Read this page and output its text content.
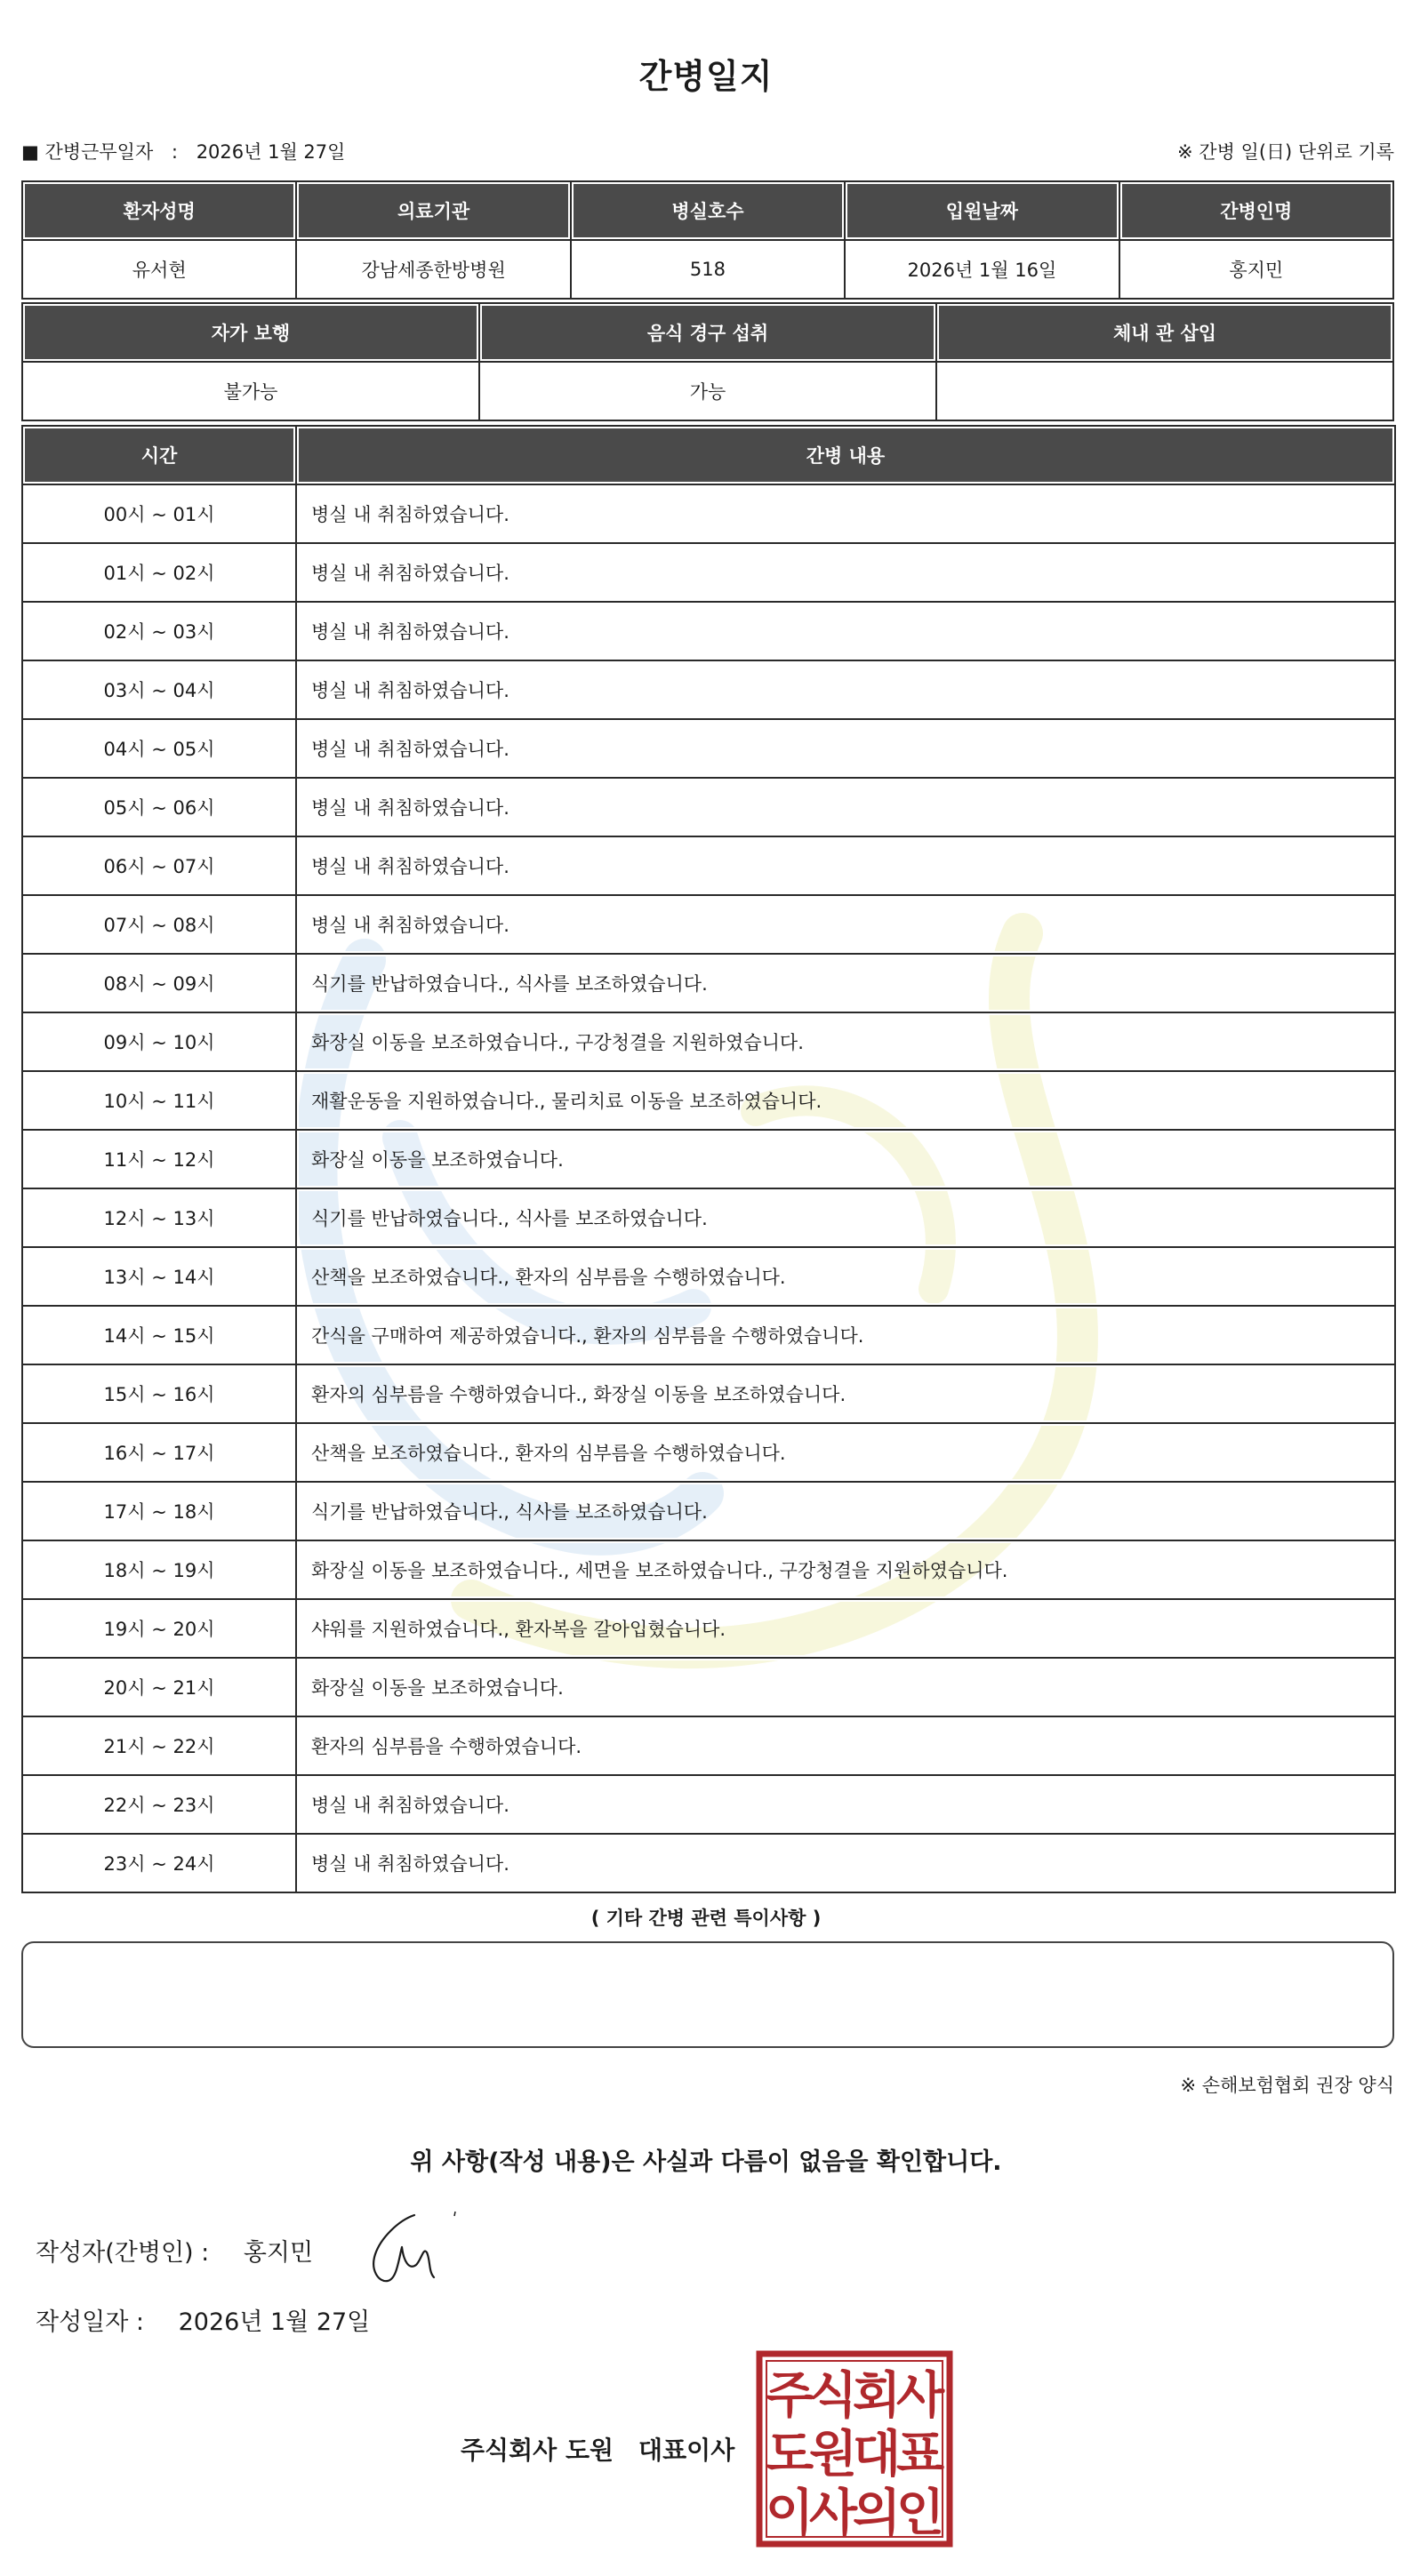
간병일지
■ 간병근무일자 : 2026년 1월 27일	※ 간병 일(日) 단위로 기록
환자성명	의료기관	병실호수	입원날짜	간병인명
유서현	강남세종한방병원	518	2026년 1월 16일	홍지민
자가 보행	음식 경구 섭취	체내 관 삽입
불가능	가능	
시간	간병 내용
00시 ~ 01시	병실 내 취침하였습니다.
01시 ~ 02시	병실 내 취침하였습니다.
02시 ~ 03시	병실 내 취침하였습니다.
03시 ~ 04시	병실 내 취침하였습니다.
04시 ~ 05시	병실 내 취침하였습니다.
05시 ~ 06시	병실 내 취침하였습니다.
06시 ~ 07시	병실 내 취침하였습니다.
07시 ~ 08시	병실 내 취침하였습니다.
08시 ~ 09시	식기를 반납하였습니다., 식사를 보조하였습니다.
09시 ~ 10시	화장실 이동을 보조하였습니다., 구강청결을 지원하였습니다.
10시 ~ 11시	재활운동을 지원하였습니다., 물리치료 이동을 보조하였습니다.
11시 ~ 12시	화장실 이동을 보조하였습니다.
12시 ~ 13시	식기를 반납하였습니다., 식사를 보조하였습니다.
13시 ~ 14시	산책을 보조하였습니다., 환자의 심부름을 수행하였습니다.
14시 ~ 15시	간식을 구매하여 제공하였습니다., 환자의 심부름을 수행하였습니다.
15시 ~ 16시	환자의 심부름을 수행하였습니다., 화장실 이동을 보조하였습니다.
16시 ~ 17시	산책을 보조하였습니다., 환자의 심부름을 수행하였습니다.
17시 ~ 18시	식기를 반납하였습니다., 식사를 보조하였습니다.
18시 ~ 19시	화장실 이동을 보조하였습니다., 세면을 보조하였습니다., 구강청결을 지원하였습니다.
19시 ~ 20시	샤워를 지원하였습니다., 환자복을 갈아입혔습니다.
20시 ~ 21시	화장실 이동을 보조하였습니다.
21시 ~ 22시	환자의 심부름을 수행하였습니다.
22시 ~ 23시	병실 내 취침하였습니다.
23시 ~ 24시	병실 내 취침하였습니다.
( 기타 간병 관련 특이사항 )
※ 손해보험협회 권장 양식
위 사항(작성 내용)은 사실과 다름이 없음을 확인합니다.
작성자(간병인) : 홍지민
작성일자 : 2026년 1월 27일
주식회사 도원 대표이사
주
식
회
사
도
원
대
표
이
사
의
인
